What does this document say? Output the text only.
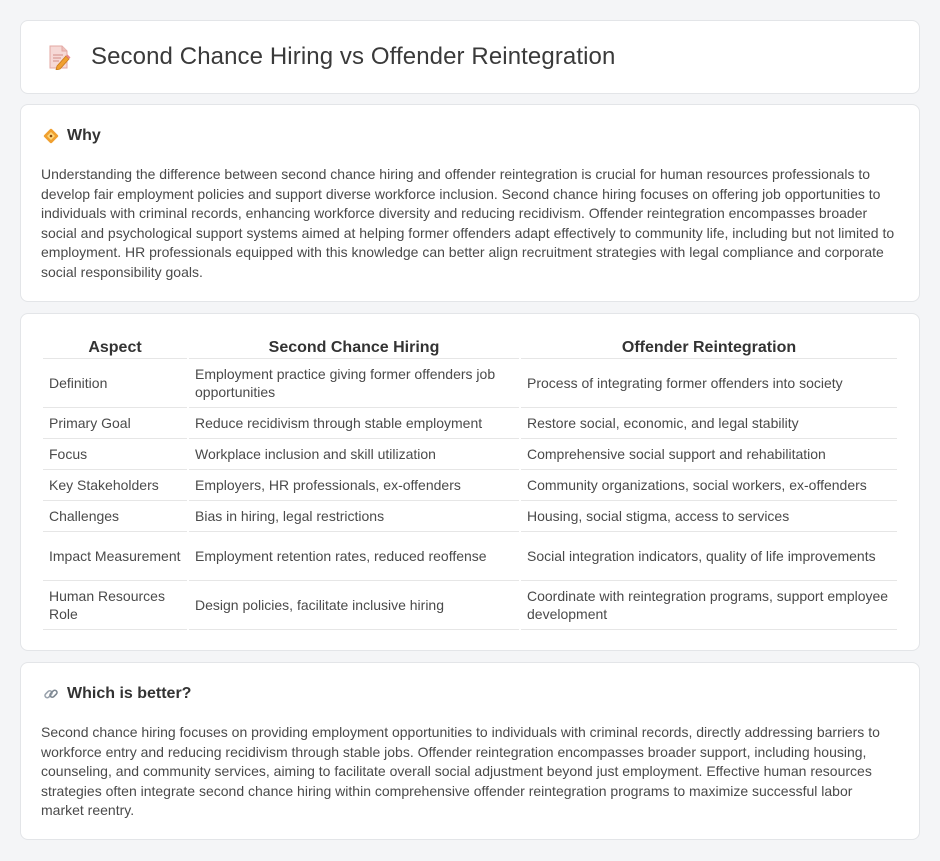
Second Chance Hiring vs Offender Reintegration
Why

Understanding the difference between second chance hiring and offender reintegration is crucial for human resources professionals to develop fair employment policies and support diverse workforce inclusion. Second chance hiring focuses on offering job opportunities to individuals with criminal records, enhancing workforce diversity and reducing recidivism. Offender reintegration encompasses broader social and psychological support systems aimed at helping former offenders adapt effectively to community life, including but not limited to employment. HR professionals equipped with this knowledge can better align recruitment strategies with legal compliance and corporate social responsibility goals.

Aspect	Second Chance Hiring	Offender Reintegration
Definition	Employment practice giving former offenders job opportunities	Process of integrating former offenders into society
Primary Goal	Reduce recidivism through stable employment	Restore social, economic, and legal stability
Focus	Workplace inclusion and skill utilization	Comprehensive social support and rehabilitation
Key Stakeholders	Employers, HR professionals, ex-offenders	Community organizations, social workers, ex-offenders
Challenges	Bias in hiring, legal restrictions	Housing, social stigma, access to services
Impact Measurement	Employment retention rates, reduced reoffense	Social integration indicators, quality of life improvements
Human Resources Role	Design policies, facilitate inclusive hiring	Coordinate with reintegration programs, support employee development
Which is better?

Second chance hiring focuses on providing employment opportunities to individuals with criminal records, directly addressing barriers to workforce entry and reducing recidivism through stable jobs. Offender reintegration encompasses broader support, including housing, counseling, and community services, aiming to facilitate overall social adjustment beyond just employment. Effective human resources strategies often integrate second chance hiring within comprehensive offender reintegration programs to maximize successful labor market reentry.
